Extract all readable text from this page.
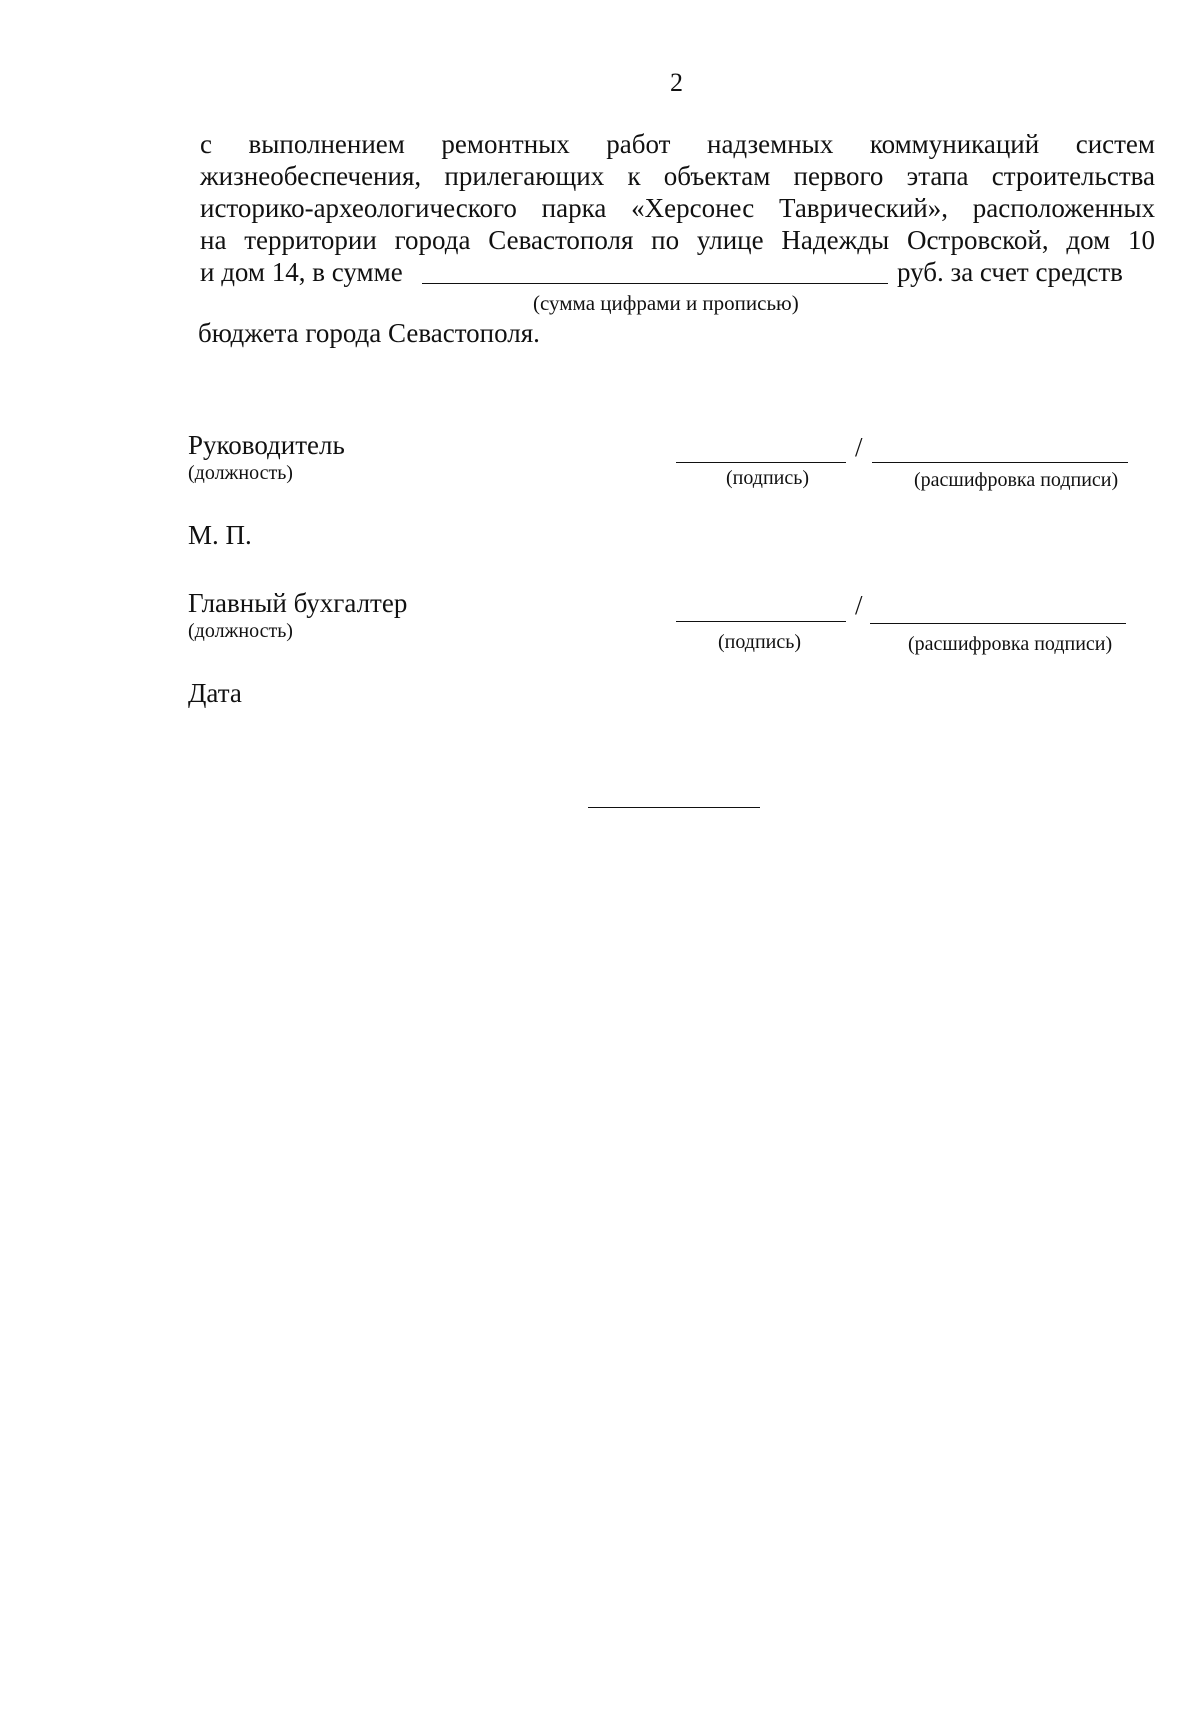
2
с выполнением ремонтных работ надземных коммуникаций систем
жизнеобеспечения, прилегающих к объектам первого этапа строительства
историко-археологического парка «Херсонес Таврический», расположенных
на территории города Севастополя по улице Надежды Островской, дом 10
и дом 14, в сумме	руб. за счет средств
(сумма цифрами и прописью)
бюджета города Севастополя.
Руководитель
(должность)
/
(подпись)	(расшифровка подписи)
М. П.
Главный бухгалтер
(должность)
/
(подпись)	(расшифровка подписи)
Дата
